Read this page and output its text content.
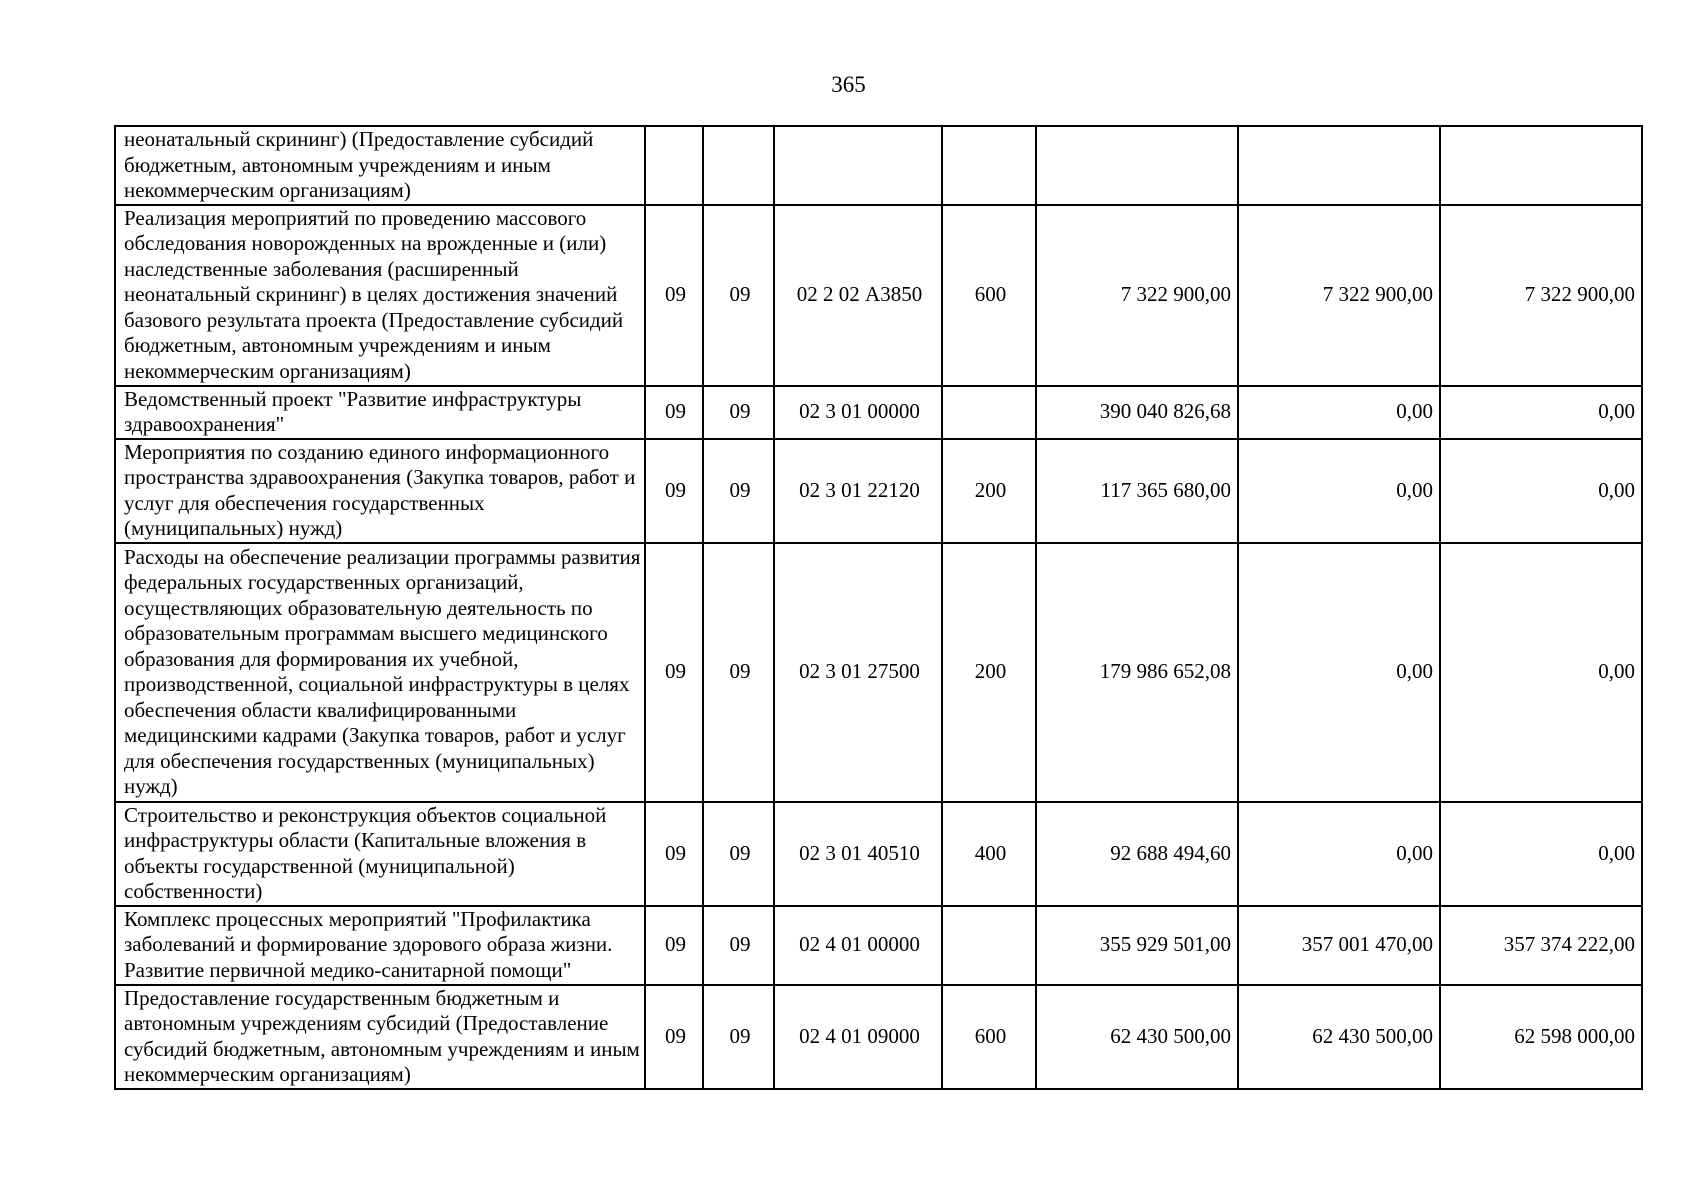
365
неонатальный скрининг) (Предоставление субсидий бюджетным, автономным учреждениям и иным некоммерческим организациям)							
Реализация мероприятий по проведению массового обследования новорожденных на врожденные и (или) наследственные заболевания (расширенный неонатальный скрининг) в целях достижения значений базового результата проекта (Предоставление субсидий бюджетным, автономным учреждениям и иным некоммерческим организациям)	09	09	02 2 02 А3850	600	7 322 900,00	7 322 900,00	7 322 900,00
Ведомственный проект "Развитие инфраструктуры здравоохранения"	09	09	02 3 01 00000		390 040 826,68	0,00	0,00
Мероприятия по созданию единого информационного пространства здравоохранения (Закупка товаров, работ и услуг для обеспечения государственных (муниципальных) нужд)	09	09	02 3 01 22120	200	117 365 680,00	0,00	0,00
Расходы на обеспечение реализации программы развития федеральных государственных организаций, осуществляющих образовательную деятельность по образовательным программам высшего медицинского образования для формирования их учебной, производственной, социальной инфраструктуры в целях обеспечения области квалифицированными медицинскими кадрами (Закупка товаров, работ и услуг для обеспечения государственных (муниципальных) нужд)	09	09	02 3 01 27500	200	179 986 652,08	0,00	0,00
Строительство и реконструкция объектов социальной инфраструктуры области (Капитальные вложения в объекты государственной (муниципальной) собственности)	09	09	02 3 01 40510	400	92 688 494,60	0,00	0,00
Комплекс процессных мероприятий "Профилактика заболеваний и формирование здорового образа жизни. Развитие первичной медико-санитарной помощи"	09	09	02 4 01 00000		355 929 501,00	357 001 470,00	357 374 222,00
Предоставление государственным бюджетным и автономным учреждениям субсидий (Предоставление субсидий бюджетным, автономным учреждениям и иным некоммерческим организациям)	09	09	02 4 01 09000	600	62 430 500,00	62 430 500,00	62 598 000,00
